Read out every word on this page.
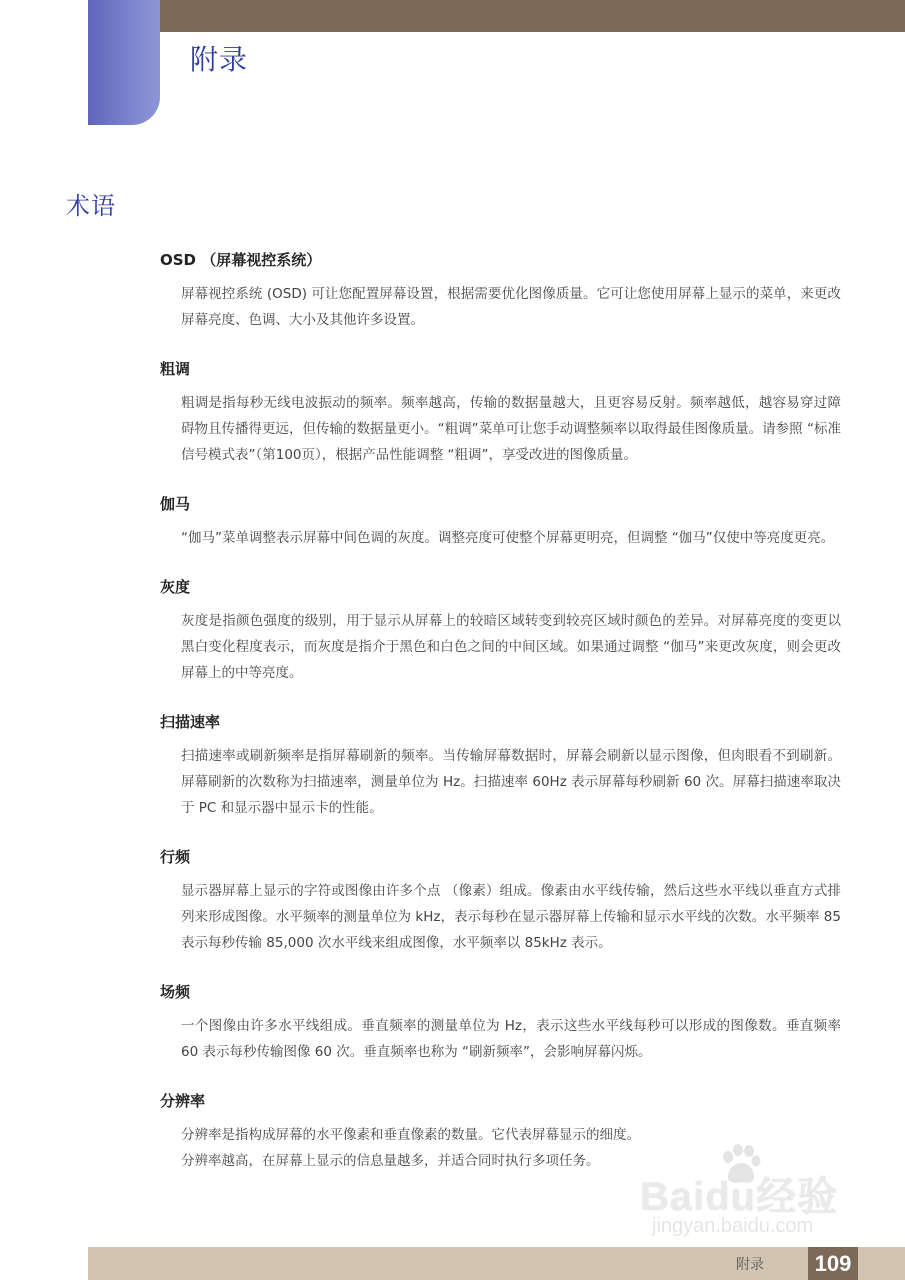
附录
术语
OSD （屏幕视控系统）

屏幕视控系统 (OSD) 可让您配置屏幕设置，根据需要优化图像质量。它可让您使用屏幕上显示的菜单，来更改屏幕亮度、色调、大小及其他许多设置。

粗调

粗调是指每秒无线电波振动的频率。频率越高，传输的数据量越大，且更容易反射。频率越低，越容易穿过障碍物且传播得更远，但传输的数据量更小。“粗调”菜单可让您手动调整频率以取得最佳图像质量。请参照 “标准信号模式表”（第100页），根据产品性能调整 “粗调”，享受改进的图像质量。

伽马

“伽马”菜单调整表示屏幕中间色调的灰度。调整亮度可使整个屏幕更明亮，但调整 “伽马”仅使中等亮度更亮。

灰度

灰度是指颜色强度的级别，用于显示从屏幕上的较暗区域转变到较亮区域时颜色的差异。对屏幕亮度的变更以黑白变化程度表示，而灰度是指介于黑色和白色之间的中间区域。如果通过调整 “伽马”来更改灰度，则会更改屏幕上的中等亮度。

扫描速率

扫描速率或刷新频率是指屏幕刷新的频率。当传输屏幕数据时，屏幕会刷新以显示图像，但肉眼看不到刷新。屏幕刷新的次数称为扫描速率，测量单位为 Hz。扫描速率 60Hz 表示屏幕每秒刷新 60 次。屏幕扫描速率取决于 PC 和显示器中显示卡的性能。

行频

显示器屏幕上显示的字符或图像由许多个点 （像素）组成。像素由水平线传输，然后这些水平线以垂直方式排列来形成图像。水平频率的测量单位为 kHz，表示每秒在显示器屏幕上传输和显示水平线的次数。水平频率 85 表示每秒传输 85,000 次水平线来组成图像，水平频率以 85kHz 表示。

场频

一个图像由许多水平线组成。垂直频率的测量单位为 Hz，表示这些水平线每秒可以形成的图像数。垂直频率 60 表示每秒传输图像 60 次。垂直频率也称为 “刷新频率”，会影响屏幕闪烁。

分辨率

分辨率是指构成屏幕的水平像素和垂直像素的数量。它代表屏幕显示的细度。

分辨率越高，在屏幕上显示的信息量越多，并适合同时执行多项任务。

Baidu经验
jingyan.baidu.com
附录	109
